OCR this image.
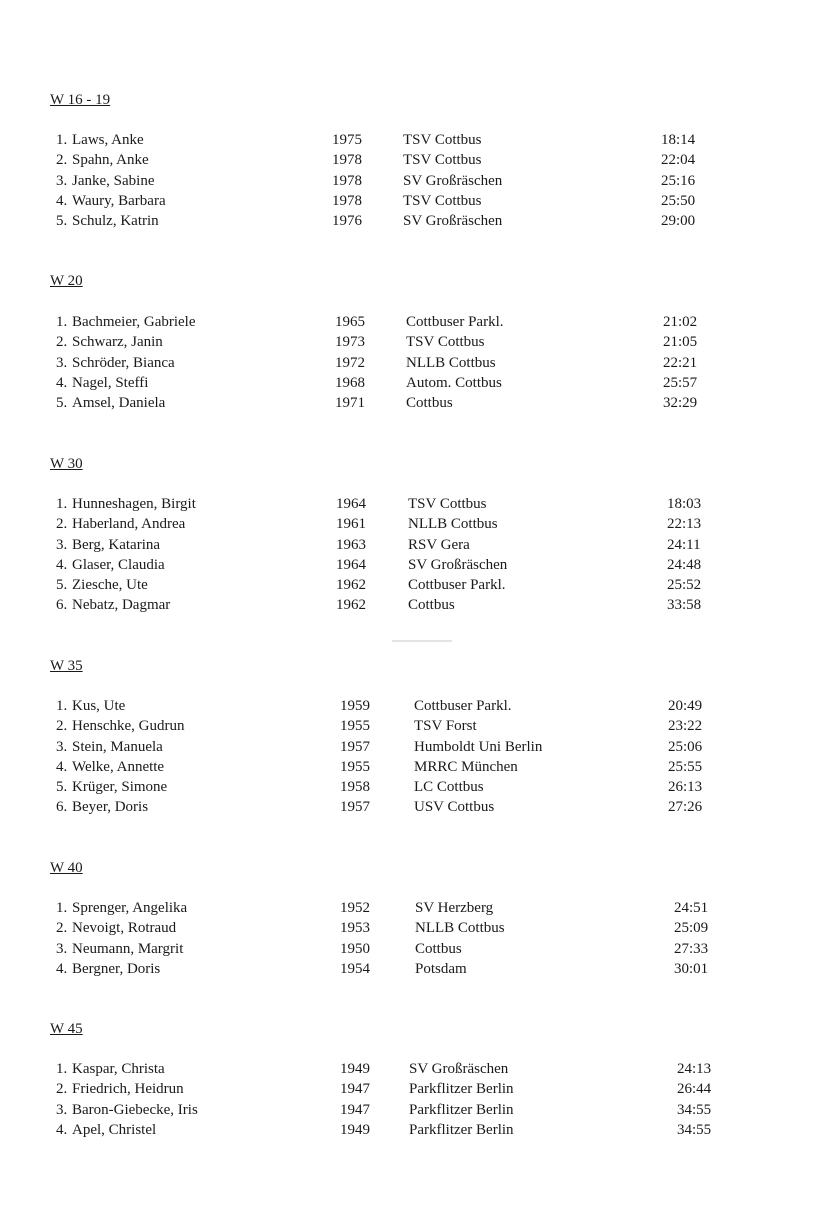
W 16 - 19
1. Laws, Anke	1975	TSV Cottbus	18:14
2. Spahn, Anke	1978	TSV Cottbus	22:04
3. Janke, Sabine	1978	SV Großräschen	25:16
4. Waury, Barbara	1978	TSV Cottbus	25:50
5. Schulz, Katrin	1976	SV Großräschen	29:00
W 20
1. Bachmeier, Gabriele	1965	Cottbuser Parkl.	21:02
2. Schwarz, Janin	1973	TSV Cottbus	21:05
3. Schröder, Bianca	1972	NLLB Cottbus	22:21
4. Nagel, Steffi	1968	Autom. Cottbus	25:57
5. Amsel, Daniela	1971	Cottbus	32:29
W 30
1. Hunneshagen, Birgit	1964	TSV Cottbus	18:03
2. Haberland, Andrea	1961	NLLB Cottbus	22:13
3. Berg, Katarina	1963	RSV Gera	24:11
4. Glaser, Claudia	1964	SV Großräschen	24:48
5. Ziesche, Ute	1962	Cottbuser Parkl.	25:52
6. Nebatz, Dagmar	1962	Cottbus	33:58
W 35
1. Kus, Ute	1959	Cottbuser Parkl.	20:49
2. Henschke, Gudrun	1955	TSV Forst	23:22
3. Stein, Manuela	1957	Humboldt Uni Berlin	25:06
4. Welke, Annette	1955	MRRC München	25:55
5. Krüger, Simone	1958	LC Cottbus	26:13
6. Beyer, Doris	1957	USV Cottbus	27:26
W 40
1. Sprenger, Angelika	1952	SV Herzberg	24:51
2. Nevoigt, Rotraud	1953	NLLB Cottbus	25:09
3. Neumann, Margrit	1950	Cottbus	27:33
4. Bergner, Doris	1954	Potsdam	30:01
W 45
1. Kaspar, Christa	1949	SV Großräschen	24:13
2. Friedrich, Heidrun	1947	Parkflitzer Berlin	26:44
3. Baron-Giebecke, Iris	1947	Parkflitzer Berlin	34:55
4. Apel, Christel	1949	Parkflitzer Berlin	34:55
